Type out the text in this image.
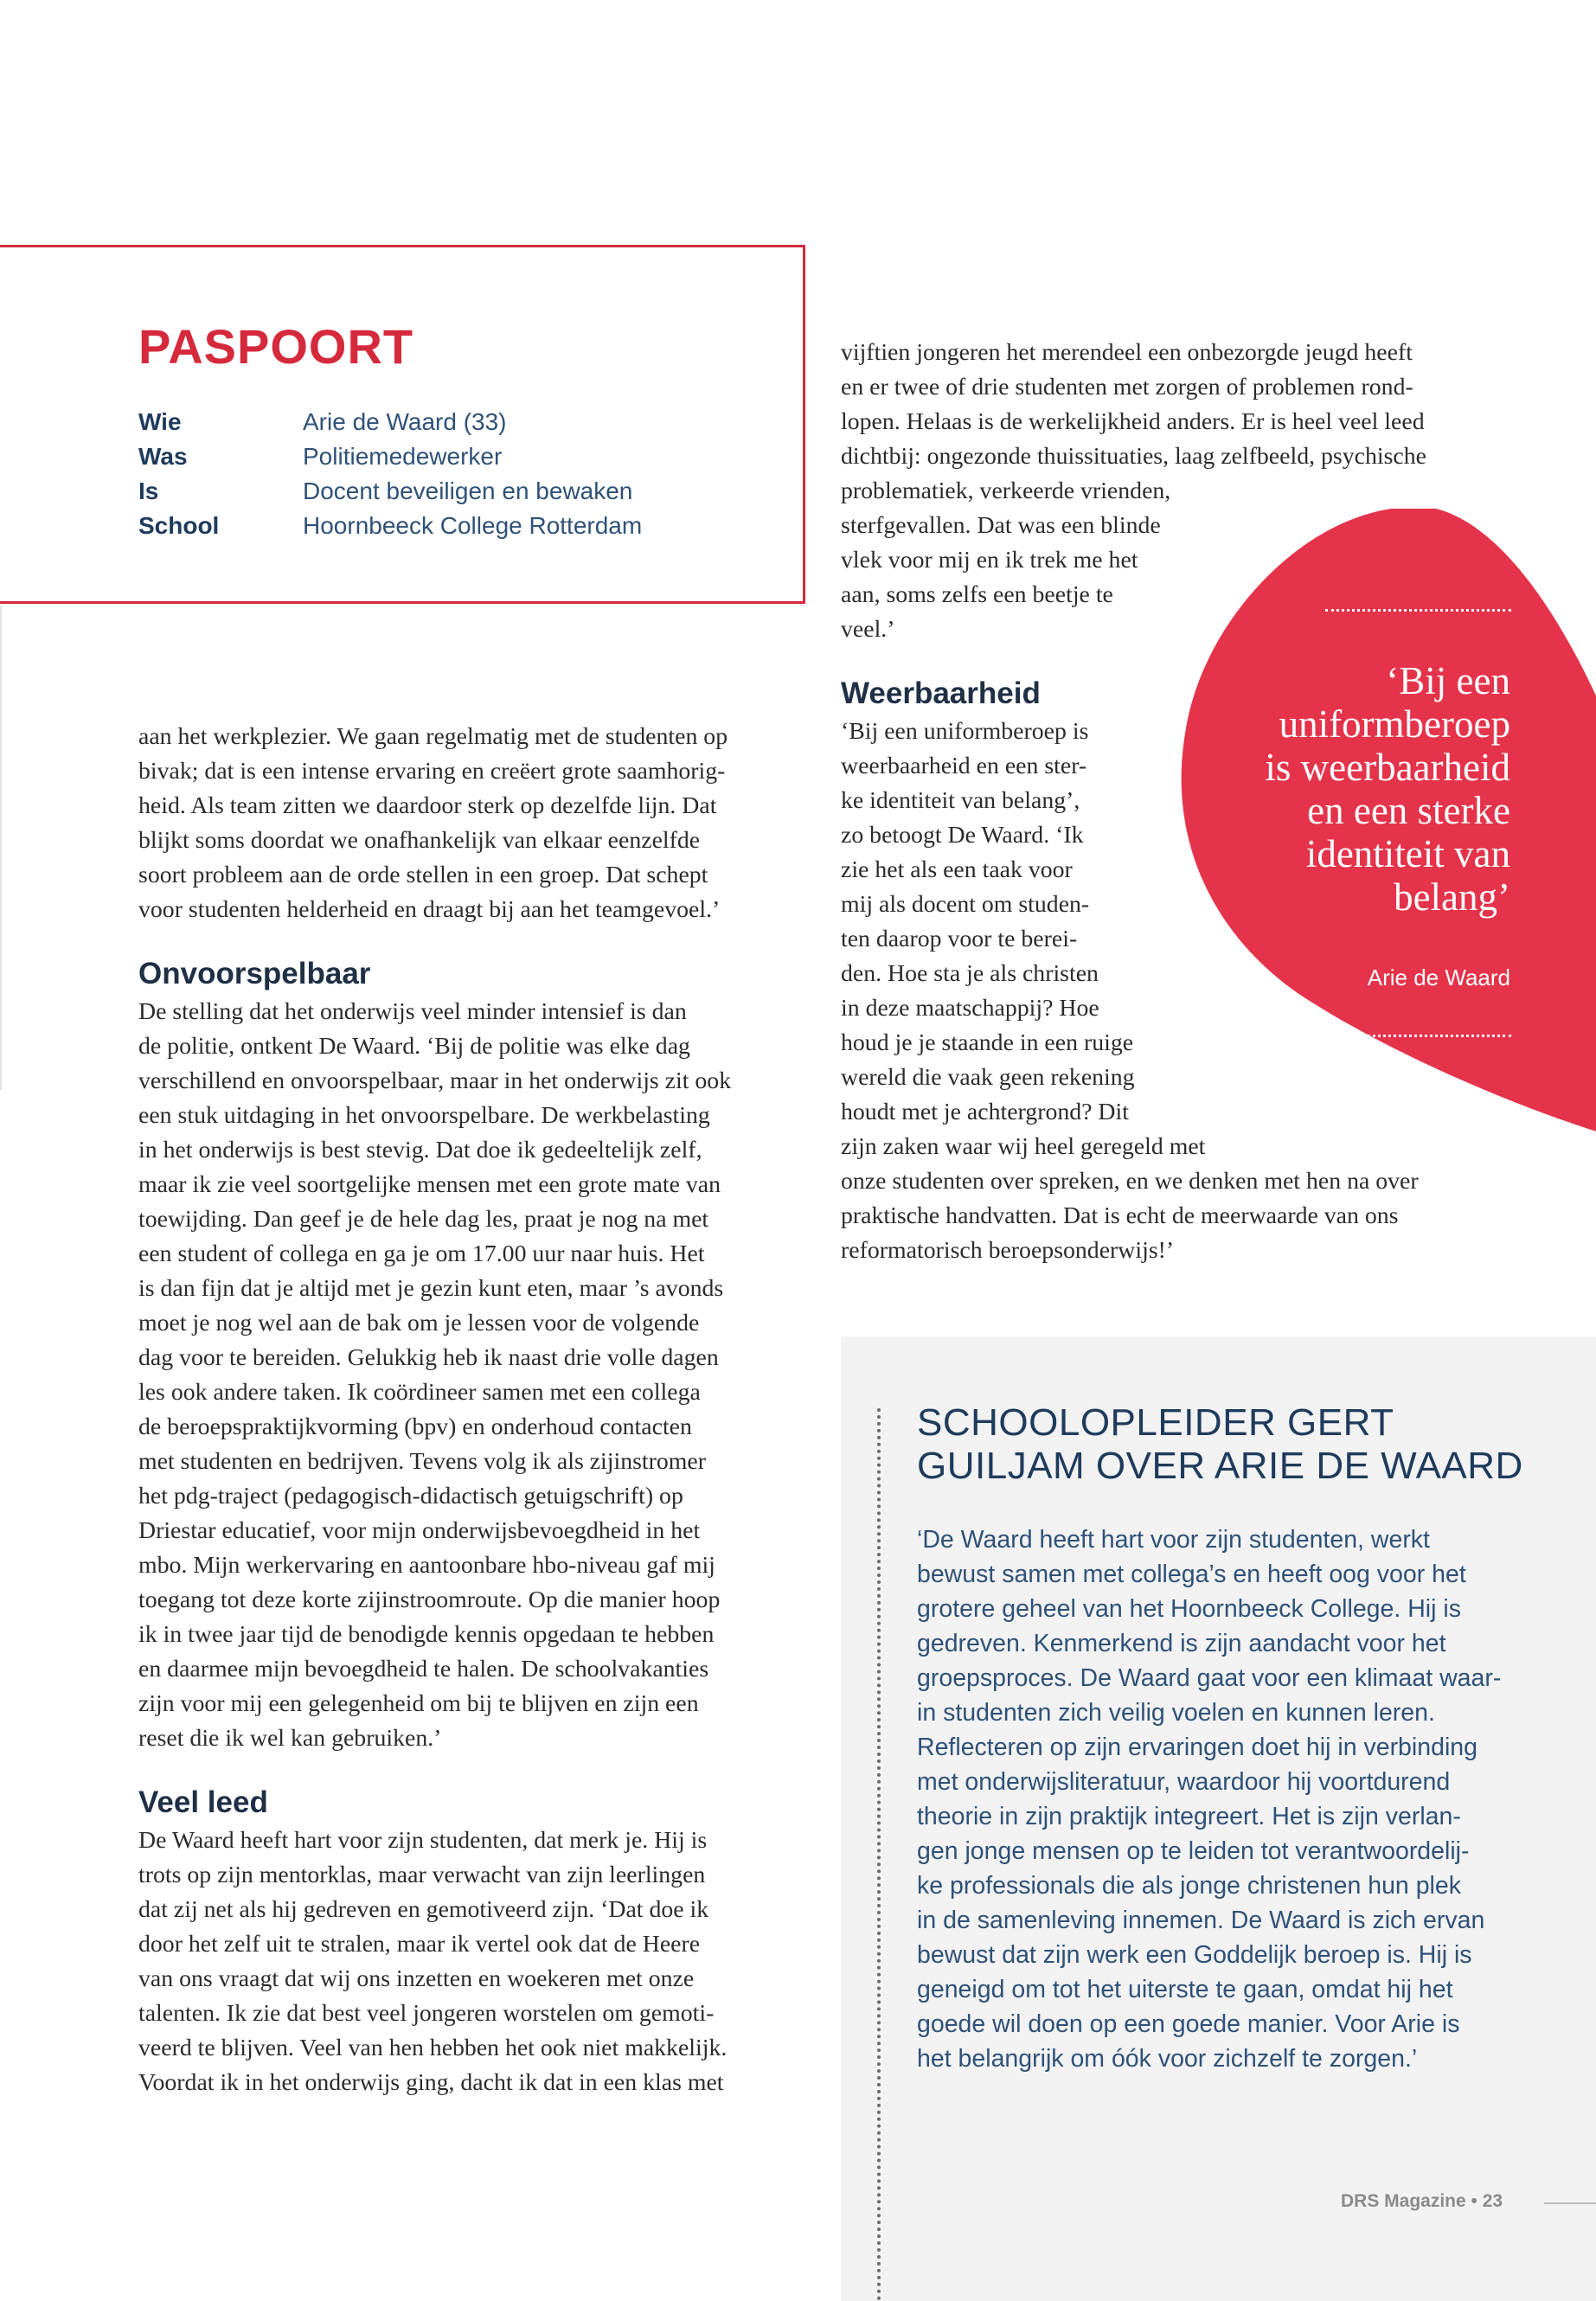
PASPOORT
Wie	Arie de Waard (33)
Was	Politiemedewerker
Is	Docent beveiligen en bewaken
School	Hoornbeeck College Rotterdam
aan het werkplezier. We gaan regelmatig met de studenten op
bivak; dat is een intense ervaring en creëert grote saamhorig-
heid. Als team zitten we daardoor sterk op dezelfde lijn. Dat
blijkt soms doordat we onafhankelijk van elkaar eenzelfde
soort probleem aan de orde stellen in een groep. Dat schept
voor studenten helderheid en draagt bij aan het teamgevoel.’
Onvoorspelbaar
De stelling dat het onderwijs veel minder intensief is dan
de politie, ontkent De Waard. ‘Bij de politie was elke dag
verschillend en onvoorspelbaar, maar in het onderwijs zit ook
een stuk uitdaging in het onvoorspelbare. De werkbelasting
in het onderwijs is best stevig. Dat doe ik gedeeltelijk zelf,
maar ik zie veel soortgelijke mensen met een grote mate van
toewijding. Dan geef je de hele dag les, praat je nog na met
een student of collega en ga je om 17.00 uur naar huis. Het
is dan fijn dat je altijd met je gezin kunt eten, maar ’s avonds
moet je nog wel aan de bak om je lessen voor de volgende
dag voor te bereiden. Gelukkig heb ik naast drie volle dagen
les ook andere taken. Ik coördineer samen met een collega
de beroepspraktijkvorming (bpv) en onderhoud contacten
met studenten en bedrijven. Tevens volg ik als zijinstromer
het pdg-traject (pedagogisch-didactisch getuigschrift) op
Driestar educatief, voor mijn onderwijsbevoegdheid in het
mbo. Mijn werkervaring en aantoonbare hbo-niveau gaf mij
toegang tot deze korte zijinstroomroute. Op die manier hoop
ik in twee jaar tijd de benodigde kennis opgedaan te hebben
en daarmee mijn bevoegdheid te halen. De schoolvakanties
zijn voor mij een gelegenheid om bij te blijven en zijn een
reset die ik wel kan gebruiken.’
Veel leed
De Waard heeft hart voor zijn studenten, dat merk je. Hij is
trots op zijn mentorklas, maar verwacht van zijn leerlingen
dat zij net als hij gedreven en gemotiveerd zijn. ‘Dat doe ik
door het zelf uit te stralen, maar ik vertel ook dat de Heere
van ons vraagt dat wij ons inzetten en woekeren met onze
talenten. Ik zie dat best veel jongeren worstelen om gemoti-
veerd te blijven. Veel van hen hebben het ook niet makkelijk.
Voordat ik in het onderwijs ging, dacht ik dat in een klas met
‘Bij een
uniformberoep
is weerbaarheid
en een sterke
identiteit van
belang’
Arie de Waard
vijftien jongeren het merendeel een onbezorgde jeugd heeft
en er twee of drie studenten met zorgen of problemen rond-
lopen. Helaas is de werkelijkheid anders. Er is heel veel leed
dichtbij: ongezonde thuissituaties, laag zelfbeeld, psychische
problematiek, verkeerde vrienden,
sterfgevallen. Dat was een blinde
vlek voor mij en ik trek me het
aan, soms zelfs een beetje te
veel.’
Weerbaarheid
‘Bij een uniformberoep is
weerbaarheid en een ster-
ke identiteit van belang’,
zo betoogt De Waard. ‘Ik
zie het als een taak voor
mij als docent om studen-
ten daarop voor te berei-
den. Hoe sta je als christen
in deze maatschappij? Hoe
houd je je staande in een ruige
wereld die vaak geen rekening
houdt met je achtergrond? Dit
zijn zaken waar wij heel geregeld met
onze studenten over spreken, en we denken met hen na over
praktische handvatten. Dat is echt de meerwaarde van ons
reformatorisch beroepsonderwijs!’
SCHOOLOPLEIDER GERT
GUILJAM OVER ARIE DE WAARD
‘De Waard heeft hart voor zijn studenten, werkt
bewust samen met collega’s en heeft oog voor het
grotere geheel van het Hoornbeeck College. Hij is
gedreven. Kenmerkend is zijn aandacht voor het
groepsproces. De Waard gaat voor een klimaat waar-
in studenten zich veilig voelen en kunnen leren.
Reflecteren op zijn ervaringen doet hij in verbinding
met onderwijsliteratuur, waardoor hij voortdurend
theorie in zijn praktijk integreert. Het is zijn verlan-
gen jonge mensen op te leiden tot verantwoordelij-
ke professionals die als jonge christenen hun plek
in de samenleving innemen. De Waard is zich ervan
bewust dat zijn werk een Goddelijk beroep is. Hij is
geneigd om tot het uiterste te gaan, omdat hij het
goede wil doen op een goede manier. Voor Arie is
het belangrijk om óók voor zichzelf te zorgen.’
DRS Magazine • 23
